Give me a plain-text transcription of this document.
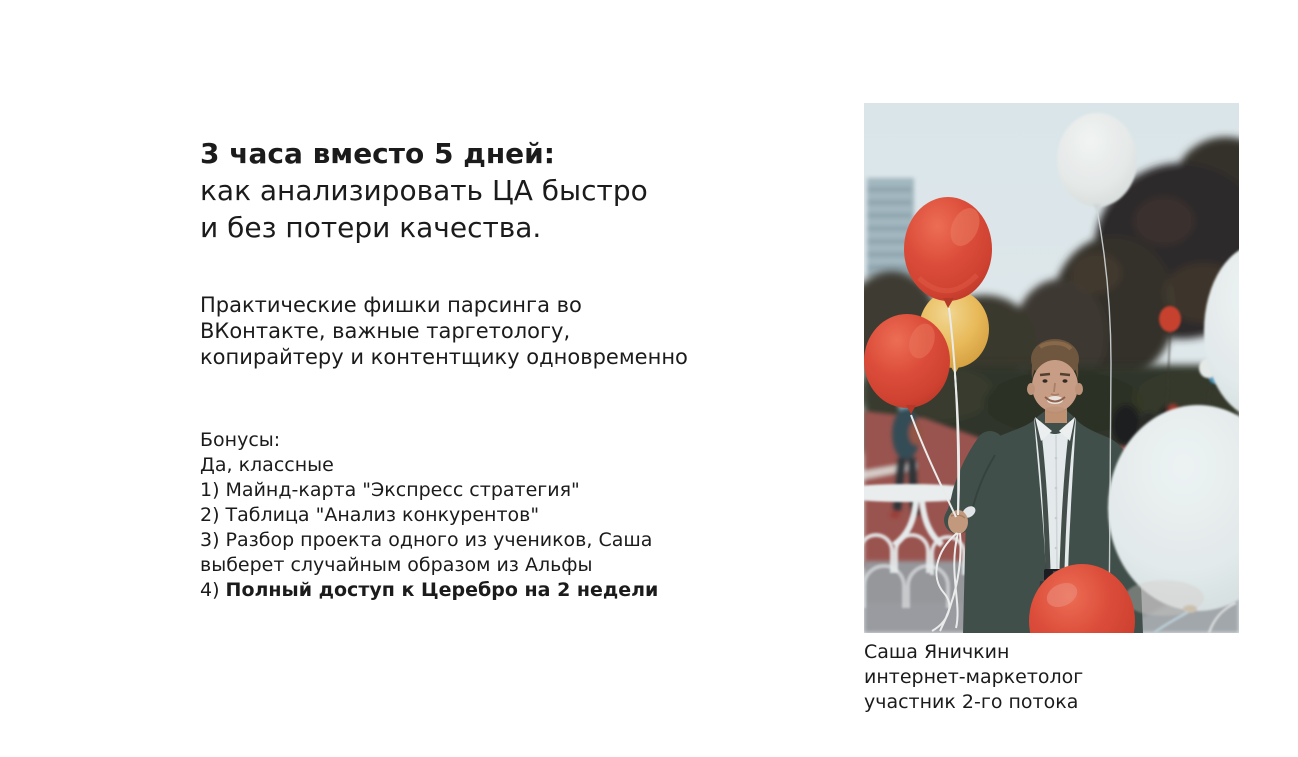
3 часа вместо 5 дней:
как анализировать ЦА быстро
и без потери качества.
Практические фишки парсинга во
ВКонтакте, важные таргетологу,
копирайтеру и контентщику одновременно
Бонусы:
Да, классные
1) Майнд-карта "Экспресс стратегия"
2) Таблица "Анализ конкурентов"
3) Разбор проекта одного из учеников, Саша
выберет случайным образом из Альфы
4) Полный доступ к Церебро на 2 недели
Саша Яничкин
интернет-маркетолог
участник 2-го потока
